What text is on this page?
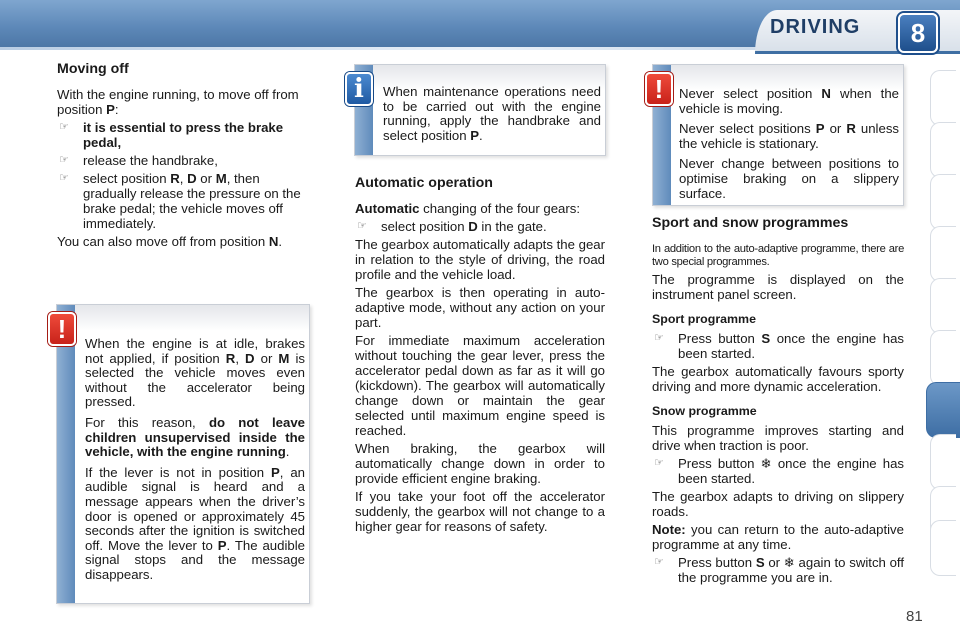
DRIVING	8
Moving off

With the engine running, to move off from position P:

☞ it is essential to press the brake pedal,
☞ release the handbrake,
☞ select position R, D or M, then gradually release the pressure on the brake pedal; the vehicle moves off immediately.

You can also move off from position N.

When the engine is at idle, brakes not applied, if position R, D or M is selected the vehicle moves even without the accelerator being pressed.

For this reason, do not leave children unsupervised inside the vehicle, with the engine running.

If the lever is not in position P, an audible signal is heard and a message appears when the driver’s door is opened or approximately 45 seconds after the ignition is switched off. Move the lever to P. The audible signal stops and the message disappears.

!

When maintenance operations need to be carried out with the engine running, apply the handbrake and select position P.

i
Automatic operation

Automatic changing of the four gears:

☞ select position D in the gate.

The gearbox automatically adapts the gear in relation to the style of driving, the road profile and the vehicle load.

The gearbox is then operating in auto-adaptive mode, without any action on your part.

For immediate maximum acceleration without touching the gear lever, press the accelerator pedal down as far as it will go (kickdown). The gearbox will automatically change down or maintain the gear selected until maximum engine speed is reached.

When braking, the gearbox will automatically change down in order to provide efficient engine braking.

If you take your foot off the accelerator suddenly, the gearbox will not change to a higher gear for reasons of safety.

Never select position N when the vehicle is moving.

Never select positions P or R unless the vehicle is stationary.

Never change between positions to optimise braking on a slippery surface.

!
Sport and snow programmes

In addition to the auto-adaptive programme, there are two special programmes.

The programme is displayed on the instrument panel screen.

Sport programme
☞ Press button S once the engine has been started.

The gearbox automatically favours sporty driving and more dynamic acceleration.

Snow programme

This programme improves starting and drive when traction is poor.

☞ Press button ❄ once the engine has been started.

The gearbox adapts to driving on slippery roads.

Note: you can return to the auto-adaptive programme at any time.

☞ Press button S or ❄ again to switch off the programme you are in.
81
